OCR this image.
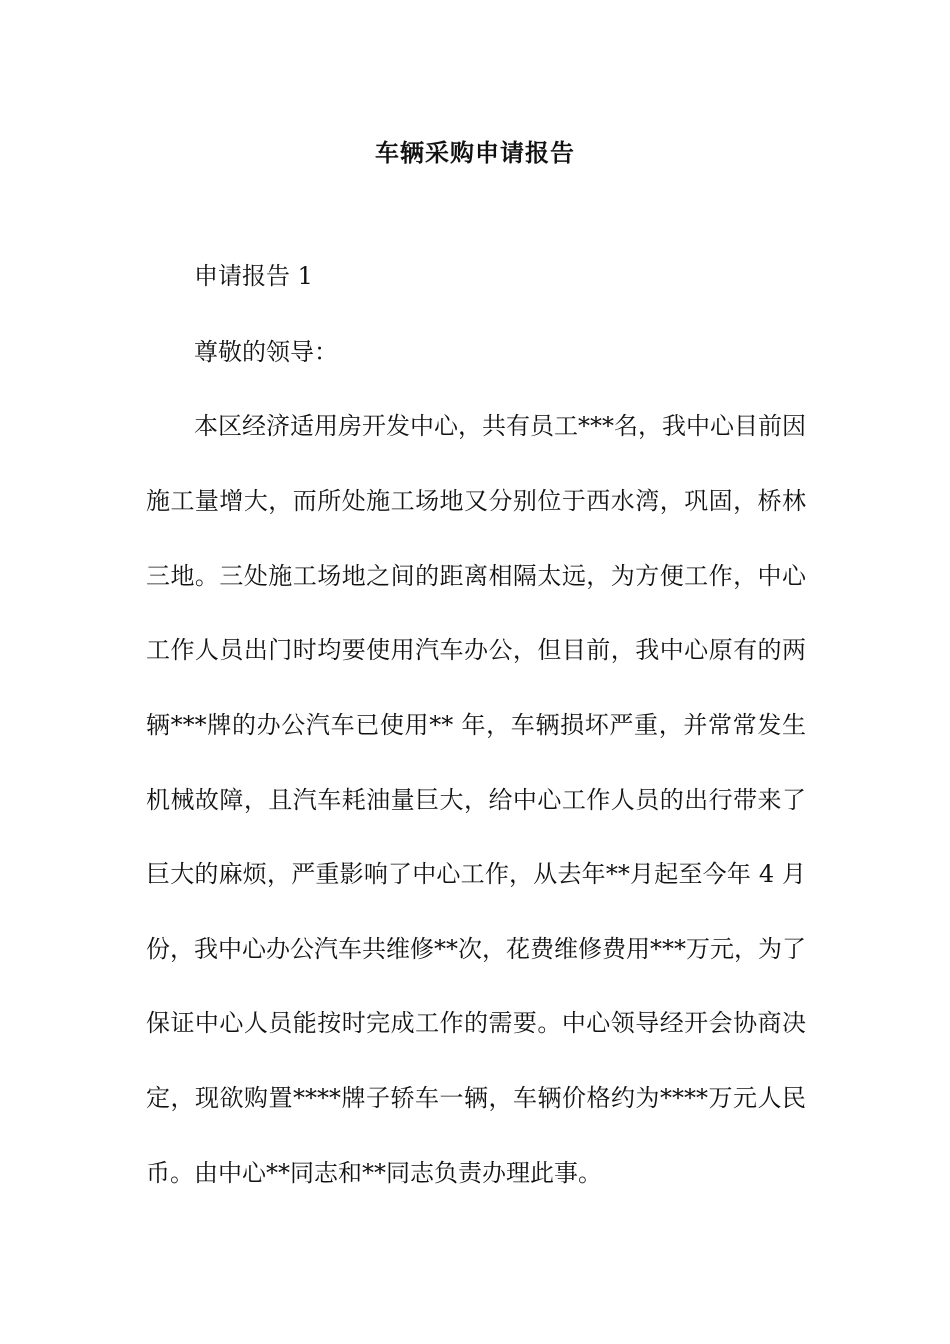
车辆采购申请报告
申请报告 1
尊敬的领导：
本区经济适用房开发中心，共有员工***名，我中心目前因
施工量增大，而所处施工场地又分别位于西水湾，巩固，桥林
三地。三处施工场地之间的距离相隔太远，为方便工作，中心
工作人员出门时均要使用汽车办公，但目前，我中心原有的两
辆***牌的办公汽车已使用** 年，车辆损坏严重，并常常发生
机械故障，且汽车耗油量巨大，给中心工作人员的出行带来了
巨大的麻烦，严重影响了中心工作，从去年**月起至今年 4 月
份，我中心办公汽车共维修**次，花费维修费用***万元，为了
保证中心人员能按时完成工作的需要。中心领导经开会协商决
定，现欲购置****牌子轿车一辆，车辆价格约为****万元人民
币。由中心**同志和**同志负责办理此事。
